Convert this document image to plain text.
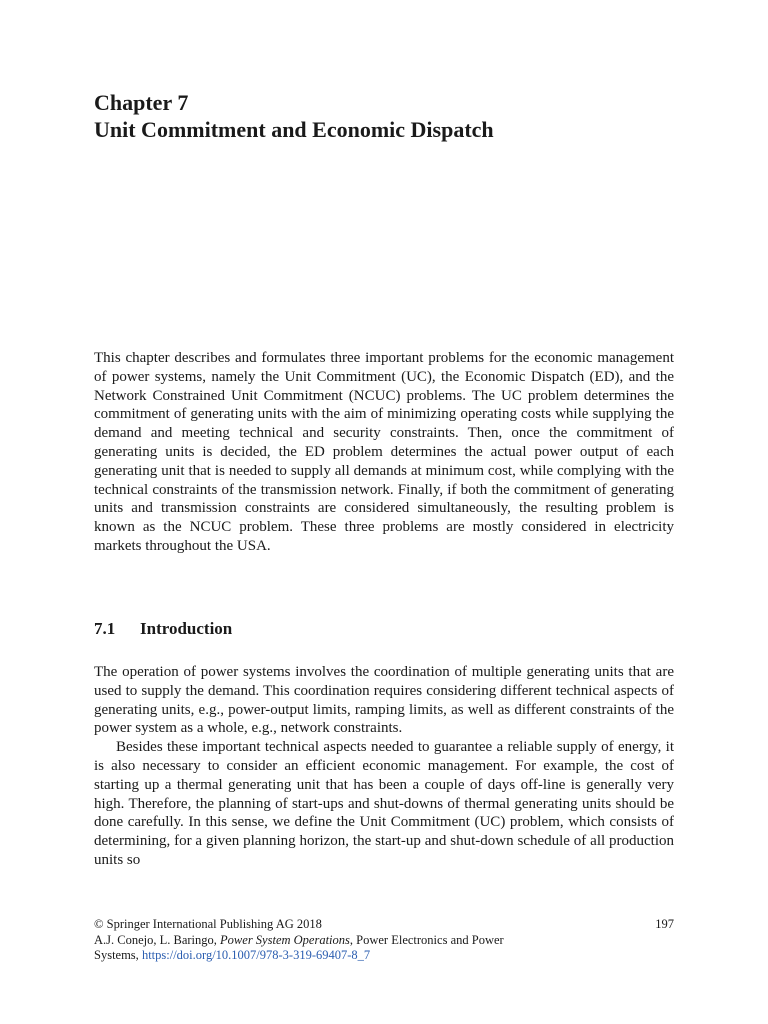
Chapter 7
Unit Commitment and Economic Dispatch

This chapter describes and formulates three important problems for the economic management of power systems, namely the Unit Commitment (UC), the Economic Dispatch (ED), and the Network Constrained Unit Commitment (NCUC) problems. The UC problem determines the commitment of generating units with the aim of minimizing operating costs while supplying the demand and meeting technical and security constraints. Then, once the commitment of generating units is decided, the ED problem determines the actual power output of each generating unit that is needed to supply all demands at minimum cost, while complying with the technical constraints of the transmission network. Finally, if both the commitment of generating units and transmission constraints are considered simultaneously, the resulting problem is known as the NCUC problem. These three problems are mostly considered in electricity markets throughout the USA.

7.1 Introduction

The operation of power systems involves the coordination of multiple generating units that are used to supply the demand. This coordination requires considering different technical aspects of generating units, e.g., power-output limits, ramping limits, as well as different constraints of the power system as a whole, e.g., network constraints.

Besides these important technical aspects needed to guarantee a reliable supply of energy, it is also necessary to consider an efficient economic management. For example, the cost of starting up a thermal generating unit that has been a couple of days off-line is generally very high. Therefore, the planning of start-ups and shut-downs of thermal generating units should be done carefully. In this sense, we define the Unit Commitment (UC) problem, which consists of determining, for a given planning horizon, the start-up and shut-down schedule of all production units so

© Springer International Publishing AG 2018	197
A.J. Conejo, L. Baringo, Power System Operations, Power Electronics and Power
Systems, https://doi.org/10.1007/978-3-319-69407-8_7
